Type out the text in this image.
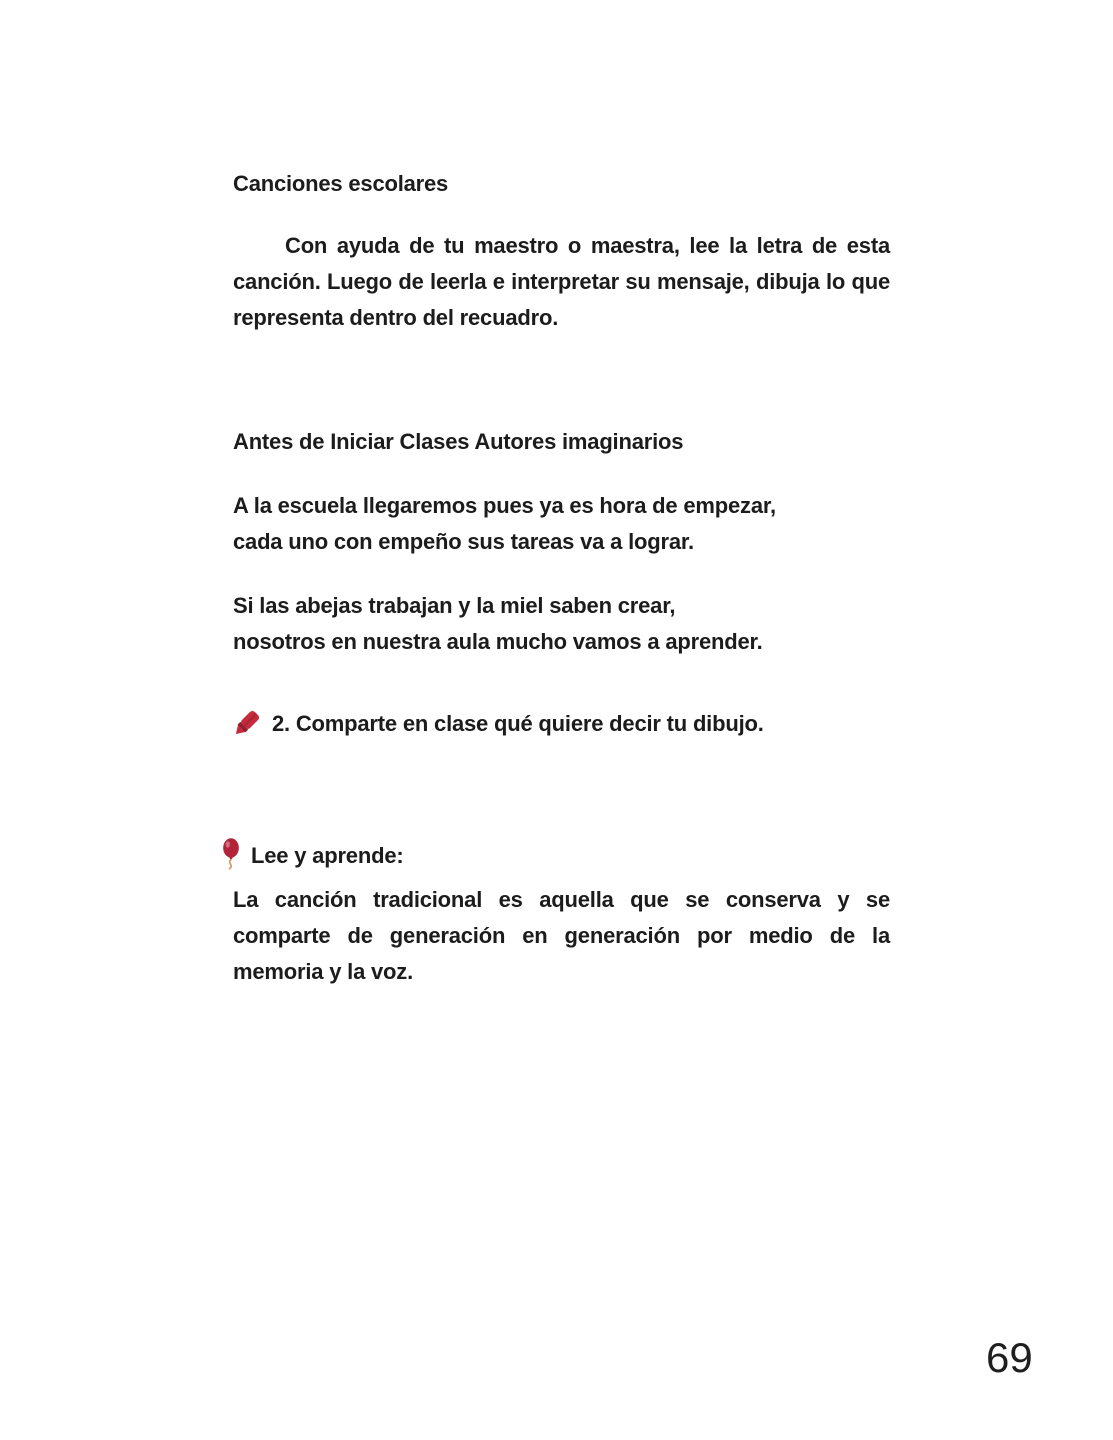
Canciones escolares
Con ayuda de tu maestro o maestra, lee la letra de esta canción. Luego de leerla e interpretar su mensaje, dibuja lo que representa dentro del recuadro.
Antes de Iniciar Clases Autores imaginarios
A la escuela llegaremos pues ya es hora de empezar,
cada uno con empeño sus tareas va a lograr.
Si las abejas trabajan y la miel saben crear,
nosotros en nuestra aula mucho vamos a aprender.
2. Comparte en clase qué quiere decir tu dibujo.
Lee y aprende:
La canción tradicional es aquella que se conserva y se comparte de generación en generación por medio de la memoria y la voz.
69
